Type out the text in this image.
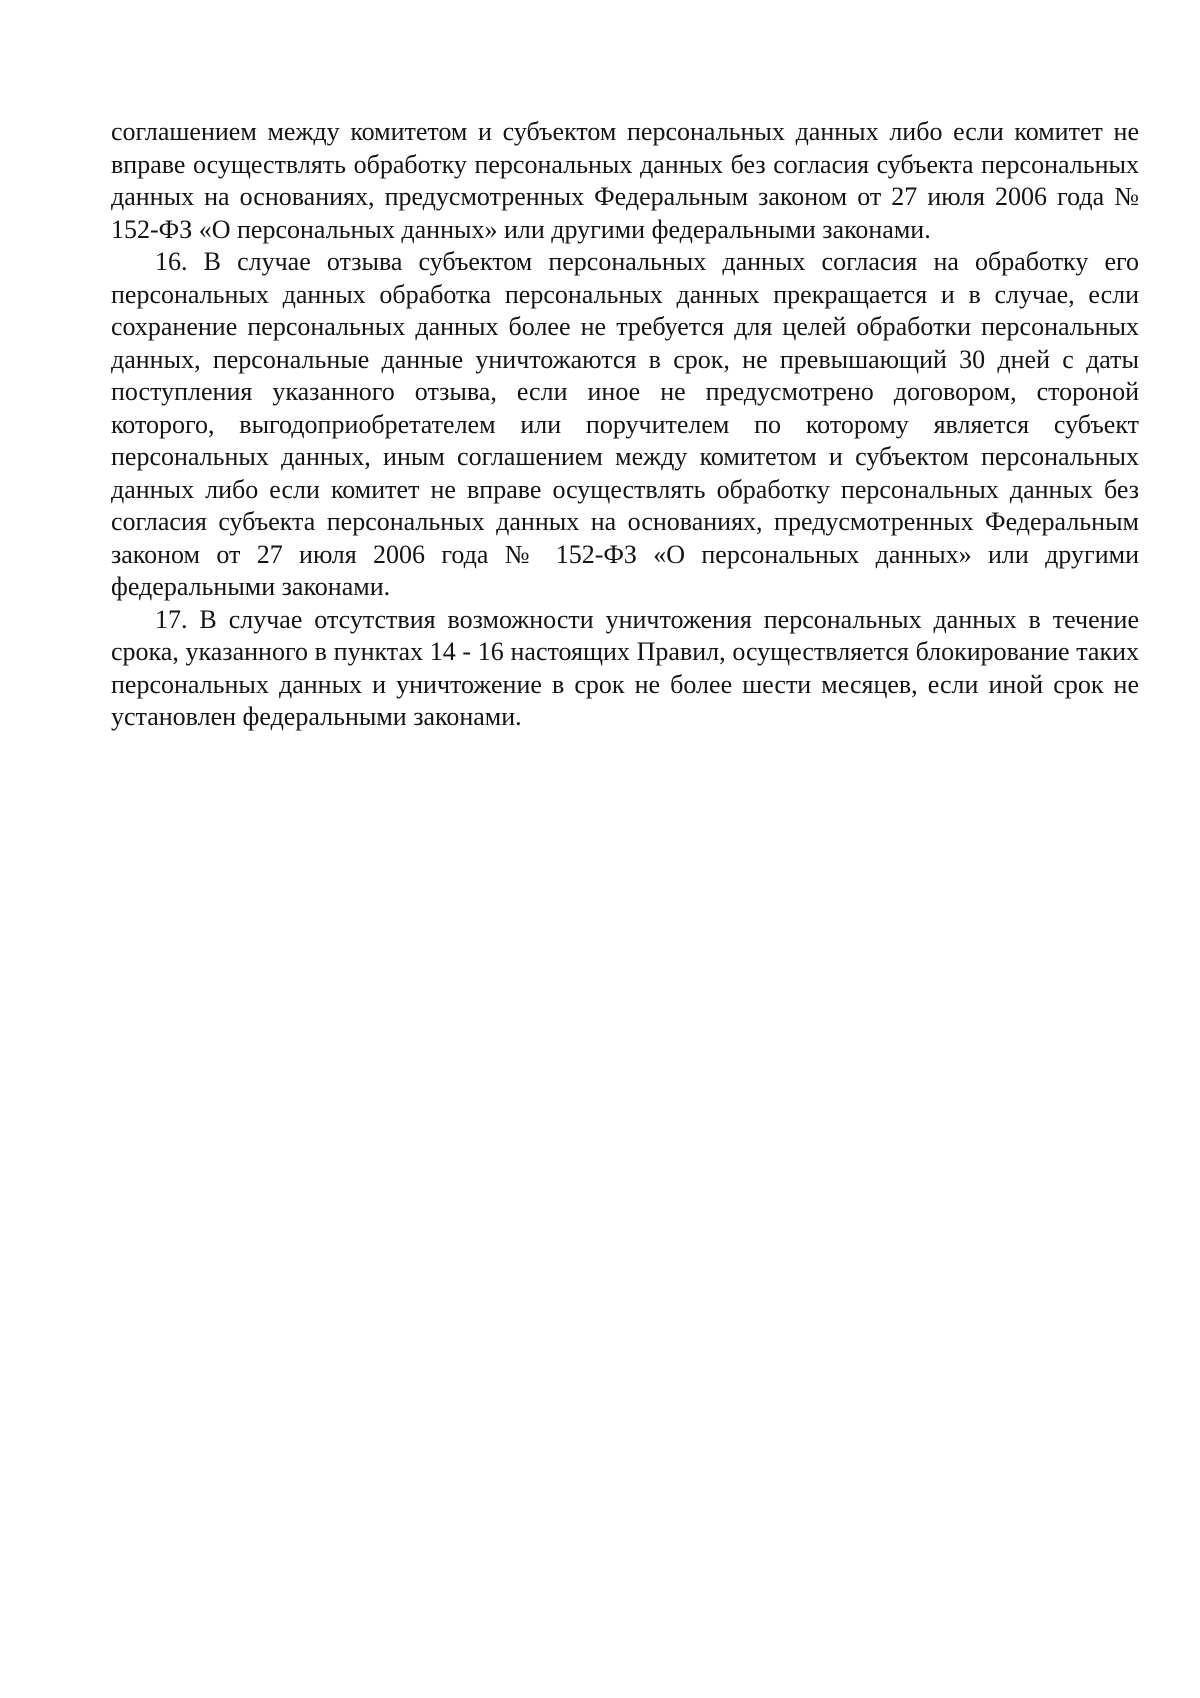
соглашением между комитетом и субъектом персональных данных либо если комитет не вправе осуществлять обработку персональных данных без согласия субъекта персональных данных на основаниях, предусмотренных Федеральным законом от 27 июля 2006 года № 152-ФЗ «О персональных данных» или другими федеральными законами.

16. В случае отзыва субъектом персональных данных согласия на обработку его персональных данных обработка персональных данных прекращается и в случае, если сохранение персональных данных более не требуется для целей обработки персональных данных, персональные данные уничтожаются в срок, не превышающий 30 дней с даты поступления указанного отзыва, если иное не предусмотрено договором, стороной которого, выгодоприобретателем или поручителем по которому является субъект персональных данных, иным соглашением между комитетом и субъектом персональных данных либо если комитет не вправе осуществлять обработку персональных данных без согласия субъекта персональных данных на основаниях, предусмотренных Федеральным законом от 27 июля 2006 года № 152-ФЗ «О персональных данных» или другими федеральными законами.

17. В случае отсутствия возможности уничтожения персональных данных в течение срока, указанного в пунктах 14 - 16 настоящих Правил, осуществляется блокирование таких персональных данных и уничтожение в срок не более шести месяцев, если иной срок не установлен федеральными законами.
